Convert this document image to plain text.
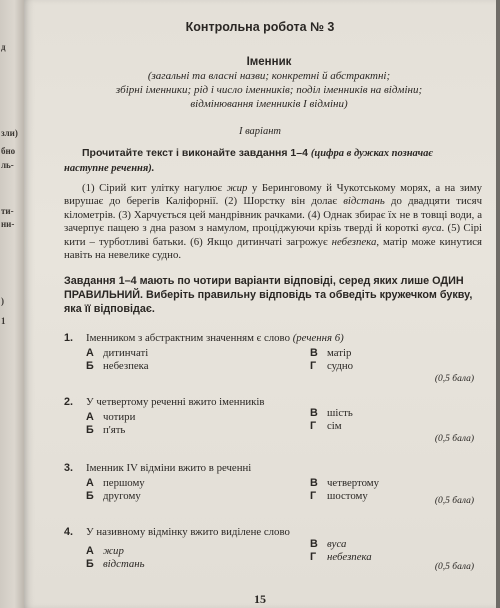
д
зли)
бно
ль-
ти-
ни-
)
1
Контрольна робота № 3
Іменник
(загальні та власні назви; конкретні й абстрактні;
збірні іменники; рід і число іменників; поділ іменників на відміни;
відмінювання іменників І відміни)
І варіант
Прочитайте текст і виконайте завдання 1–4 (цифра в дужках позначає наступне речення).
(1) Сірий кит улітку нагулює жир у Беринговому й Чукотському морях, а на зиму вирушає до берегів Каліфорнії. (2) Шорстку він долає відстань до двадцяти тисяч кілометрів. (3) Харчується цей мандрівник рачками. (4) Однак збирає їх не в товщі води, а зачерпує пащею з дна разом з намулом, проціджуючи крізь тверді й короткі вуса. (5) Сірі кити – турботливі батьки. (6) Якщо дитинчаті загрожує небезпека, матір може кинутися навіть на невелике судно.
Завдання 1–4 мають по чотири варіанти відповіді, серед яких лише ОДИН ПРАВИЛЬНИЙ. Виберіть правильну відповідь та обведіть кружечком букву, яка її відповідає.
1. Іменником з абстрактним значенням є слово (речення 6)
А дитинчаті
Б небезпека
В матір
Г судно
(0,5 бала)
2. У четвертому реченні вжито іменників
А чотири
Б п'ять
В шість
Г сім
(0,5 бала)
3. Іменник IV відміни вжито в реченні
А першому
Б другому
В четвертому
Г шостому	(0,5 бала)
4. У називному відмінку вжито виділене слово
А жир
Б відстань
В вуса
Г небезпека
(0,5 бала)
15
